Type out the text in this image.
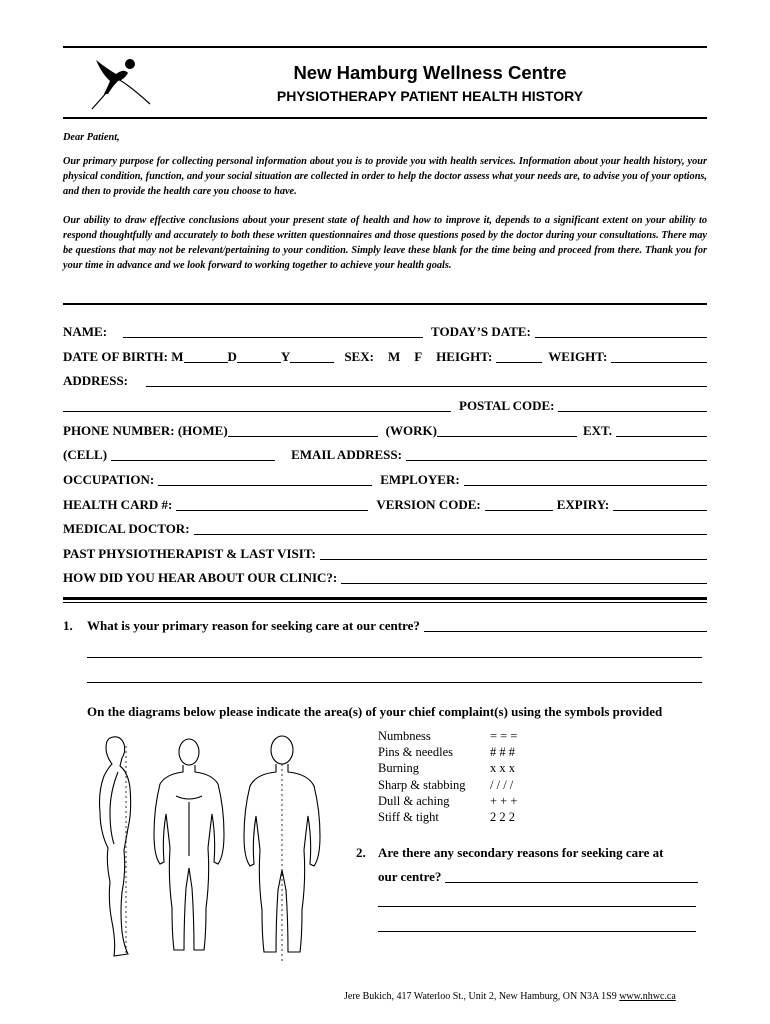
New Hamburg Wellness Centre
PHYSIOTHERAPY PATIENT HEALTH HISTORY
Dear Patient,
Our primary purpose for collecting personal information about you is to provide you with health services. Information about your health history, your physical condition, function, and your social situation are collected in order to help the doctor assess what your needs are, to advise you of your options, and then to provide the health care you choose to have.
Our ability to draw effective conclusions about your present state of health and how to improve it, depends to a significant extent on your ability to respond thoughtfully and accurately to both these written questionnaires and those questions posed by the doctor during your consultations. There may be questions that may not be relevant/pertaining to your condition. Simply leave these blank for the time being and proceed from there. Thank you for your time in advance and we look forward to working together to achieve your health goals.
NAME:	TODAY’S DATE:
DATE OF BIRTH: M	D	Y	SEX: M F HEIGHT:	WEIGHT:
ADDRESS:
POSTAL CODE:
PHONE NUMBER: (HOME)	(WORK)	EXT.
(CELL)	EMAIL ADDRESS:
OCCUPATION:	EMPLOYER:
HEALTH CARD #:	VERSION CODE:	EXPIRY:
MEDICAL DOCTOR:
PAST PHYSIOTHERAPIST & LAST VISIT:
HOW DID YOU HEAR ABOUT OUR CLINIC?:
1.	What is your primary reason for seeking care at our centre?
On the diagrams below please indicate the area(s) of your chief complaint(s) using the symbols provided
Numbness	= = =
Pins & needles	# # #
Burning	x x x
Sharp & stabbing	/ / / /
Dull & aching	+ + +
Stiff & tight	2 2 2
2. Are there any secondary reasons for seeking care at
our centre?
Jere Bukich, 417 Waterloo St., Unit 2, New Hamburg, ON N3A 1S9 www.nhwc.ca
